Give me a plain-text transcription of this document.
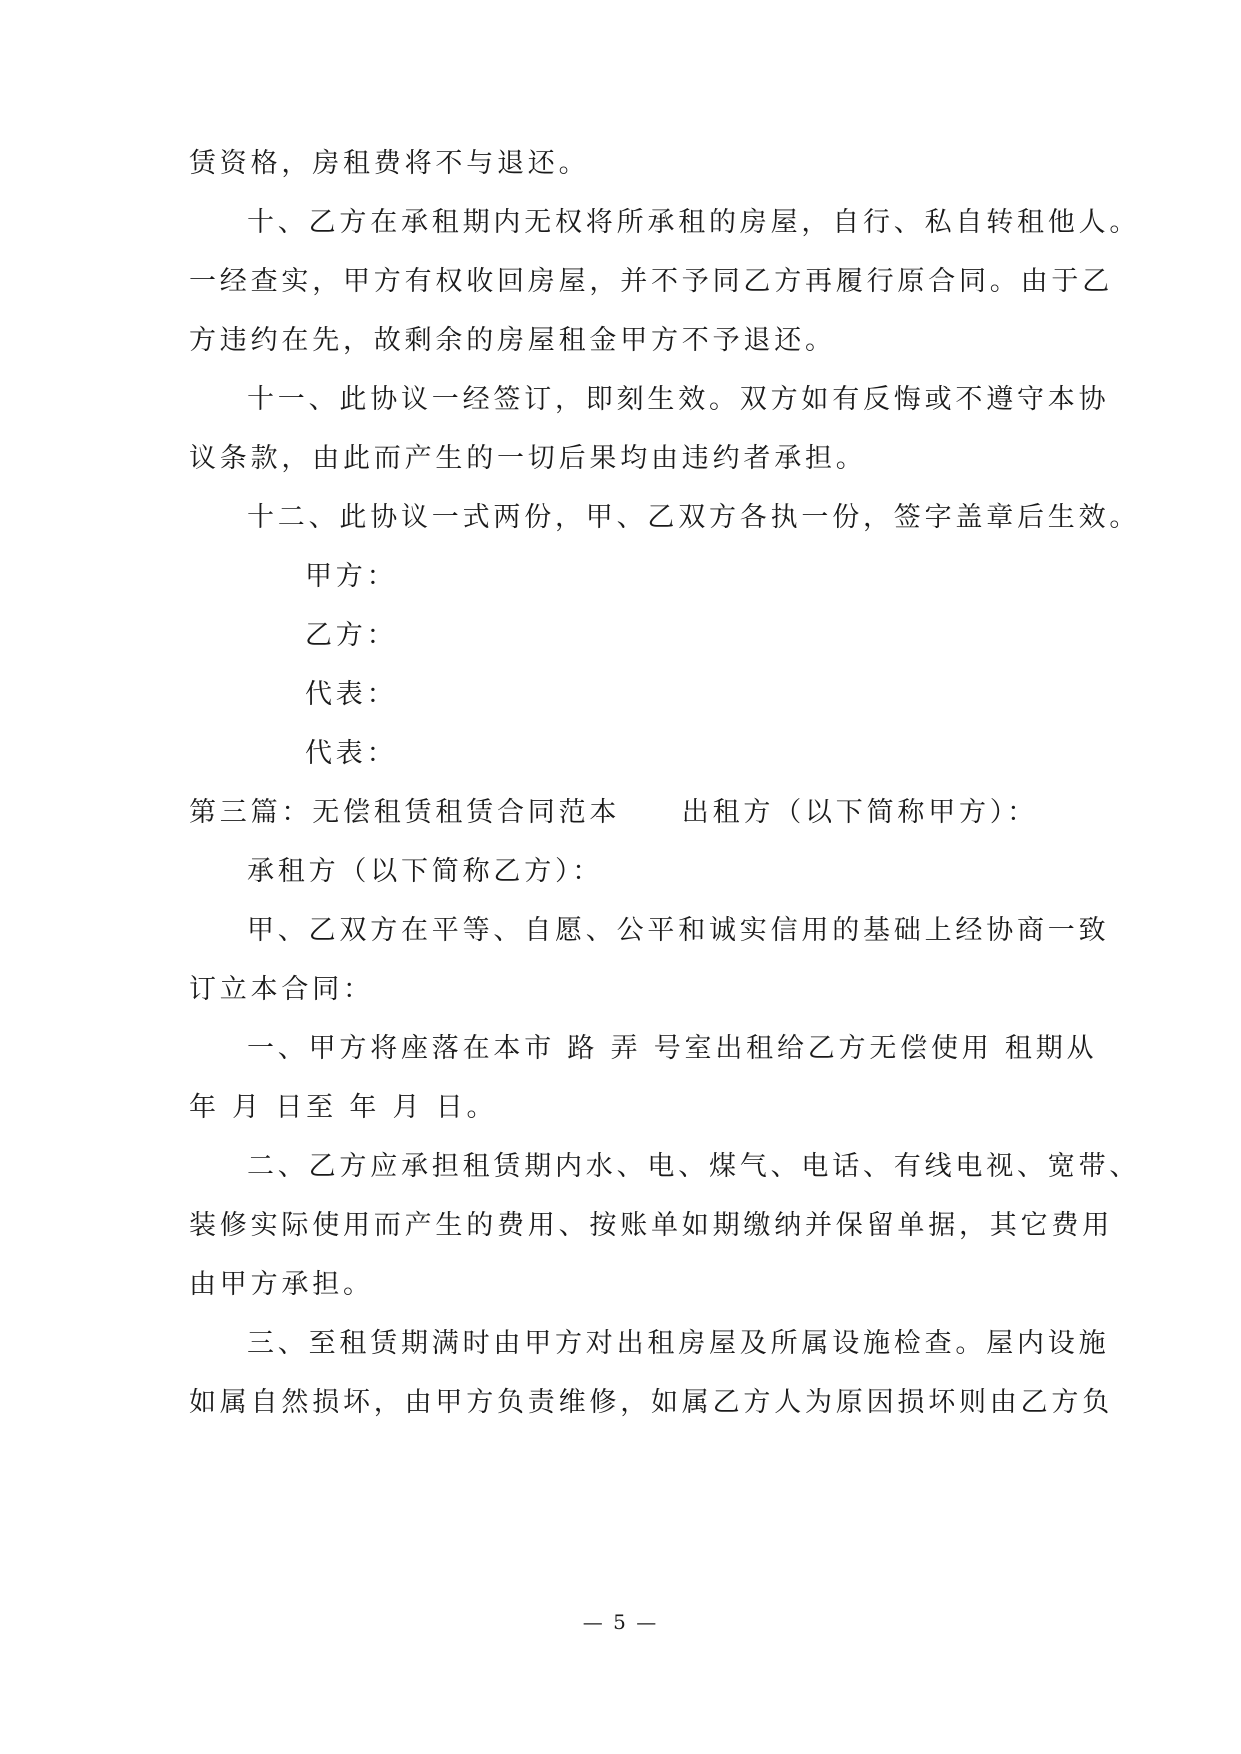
赁资格，房租费将不与退还。
十、乙方在承租期内无权将所承租的房屋，自行、私自转租他人。
一经查实，甲方有权收回房屋，并不予同乙方再履行原合同。由于乙
方违约在先，故剩余的房屋租金甲方不予退还。
十一、此协议一经签订，即刻生效。双方如有反悔或不遵守本协
议条款，由此而产生的一切后果均由违约者承担。
十二、此协议一式两份，甲、乙双方各执一份，签字盖章后生效。
甲方：
乙方：
代表：
代表：
第三篇：无偿租赁租赁合同范本　　出租方（以下简称甲方）：
承租方（以下简称乙方）：
甲、乙双方在平等、自愿、公平和诚实信用的基础上经协商一致
订立本合同：
一、甲方将座落在本市 路 弄 号室出租给乙方无偿使用 租期从
年 月 日至 年 月 日。
二、乙方应承担租赁期内水、电、煤气、电话、有线电视、宽带、
装修实际使用而产生的费用、按账单如期缴纳并保留单据，其它费用
由甲方承担。
三、至租赁期满时由甲方对出租房屋及所属设施检查。屋内设施
如属自然损坏，由甲方负责维修，如属乙方人为原因损坏则由乙方负
— 5 —
